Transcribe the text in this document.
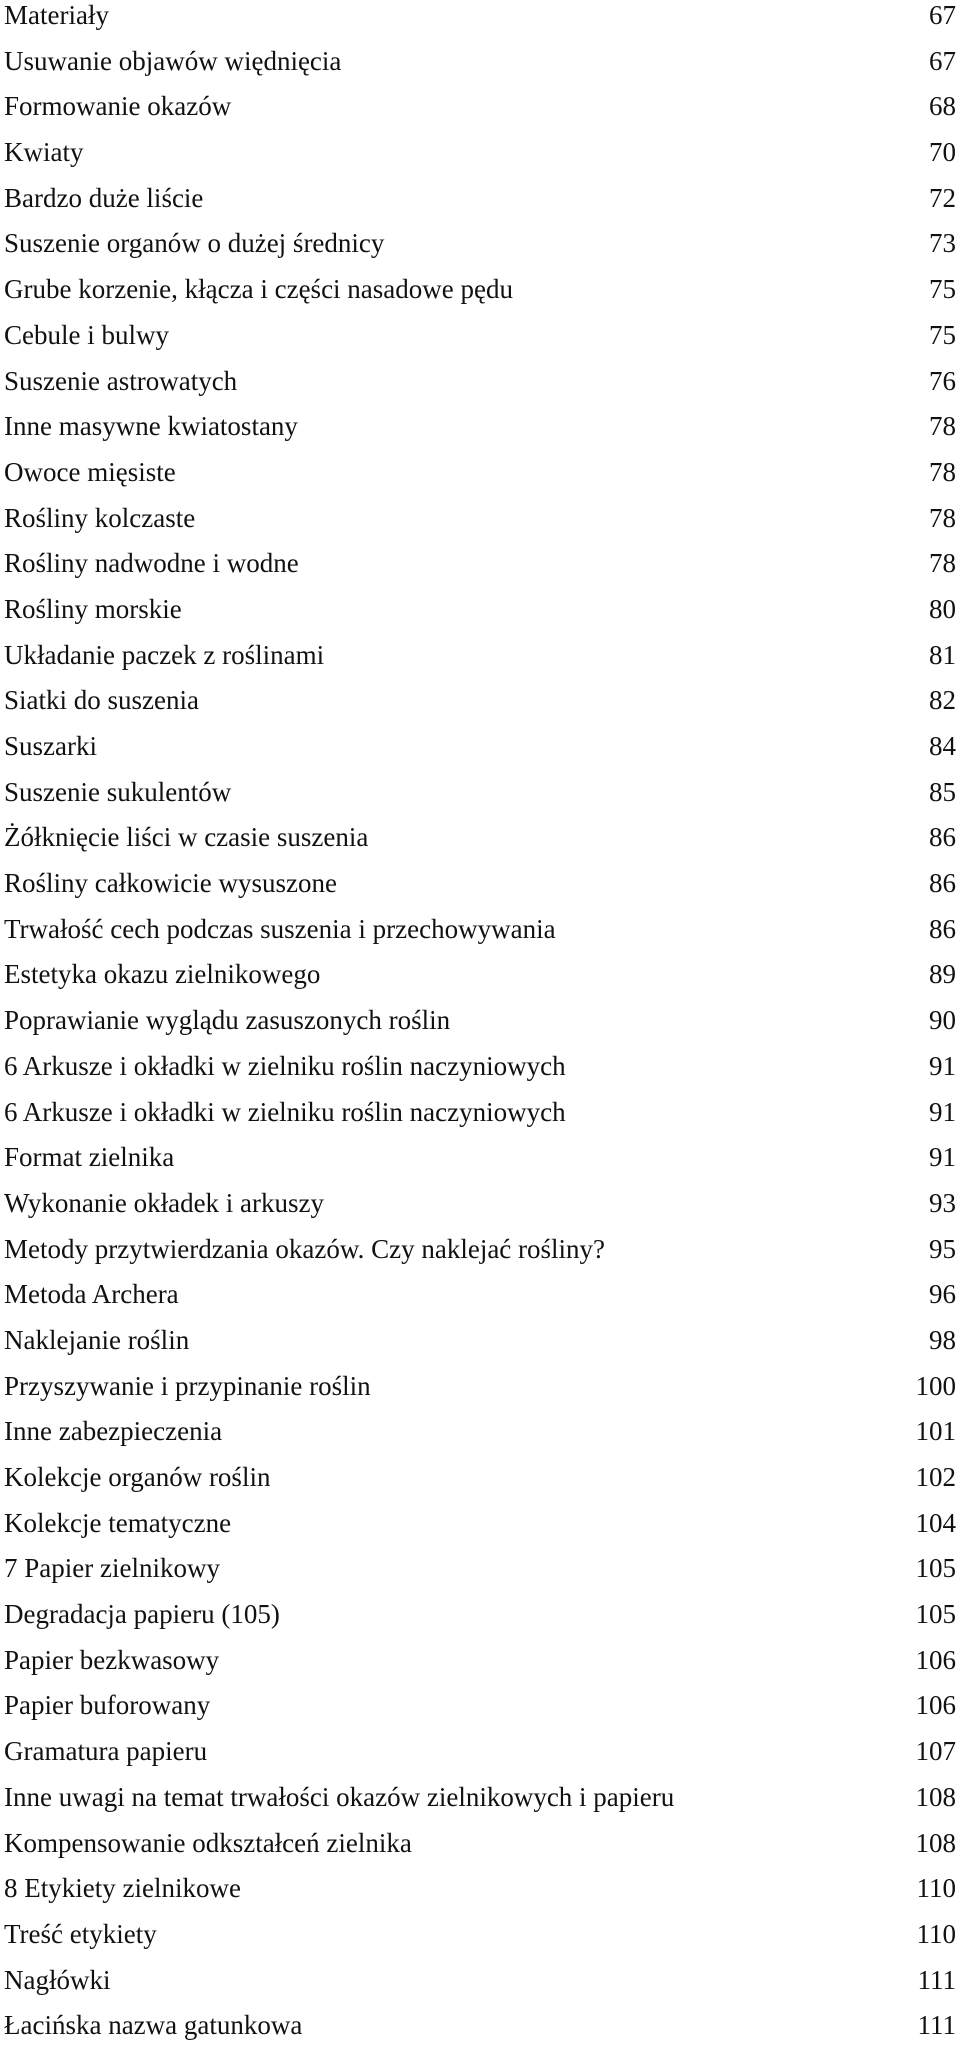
Materiały	67
Usuwanie objawów więdnięcia	67
Formowanie okazów	68
Kwiaty	70
Bardzo duże liście	72
Suszenie organów o dużej średnicy	73
Grube korzenie, kłącza i części nasadowe pędu	75
Cebule i bulwy	75
Suszenie astrowatych	76
Inne masywne kwiatostany	78
Owoce mięsiste	78
Rośliny kolczaste	78
Rośliny nadwodne i wodne	78
Rośliny morskie	80
Układanie paczek z roślinami	81
Siatki do suszenia	82
Suszarki	84
Suszenie sukulentów	85
Żółknięcie liści w czasie suszenia	86
Rośliny całkowicie wysuszone	86
Trwałość cech podczas suszenia i przechowywania	86
Estetyka okazu zielnikowego	89
Poprawianie wyglądu zasuszonych roślin	90
6 Arkusze i okładki w zielniku roślin naczyniowych	91
6 Arkusze i okładki w zielniku roślin naczyniowych	91
Format zielnika	91
Wykonanie okładek i arkuszy	93
Metody przytwierdzania okazów. Czy naklejać rośliny?	95
Metoda Archera	96
Naklejanie roślin	98
Przyszywanie i przypinanie roślin	100
Inne zabezpieczenia	101
Kolekcje organów roślin	102
Kolekcje tematyczne	104
7 Papier zielnikowy	105
Degradacja papieru (105)	105
Papier bezkwasowy	106
Papier buforowany	106
Gramatura papieru	107
Inne uwagi na temat trwałości okazów zielnikowych i papieru	108
Kompensowanie odkształceń zielnika	108
8 Etykiety zielnikowe	110
Treść etykiety	110
Nagłówki	111
Łacińska nazwa gatunkowa	111
